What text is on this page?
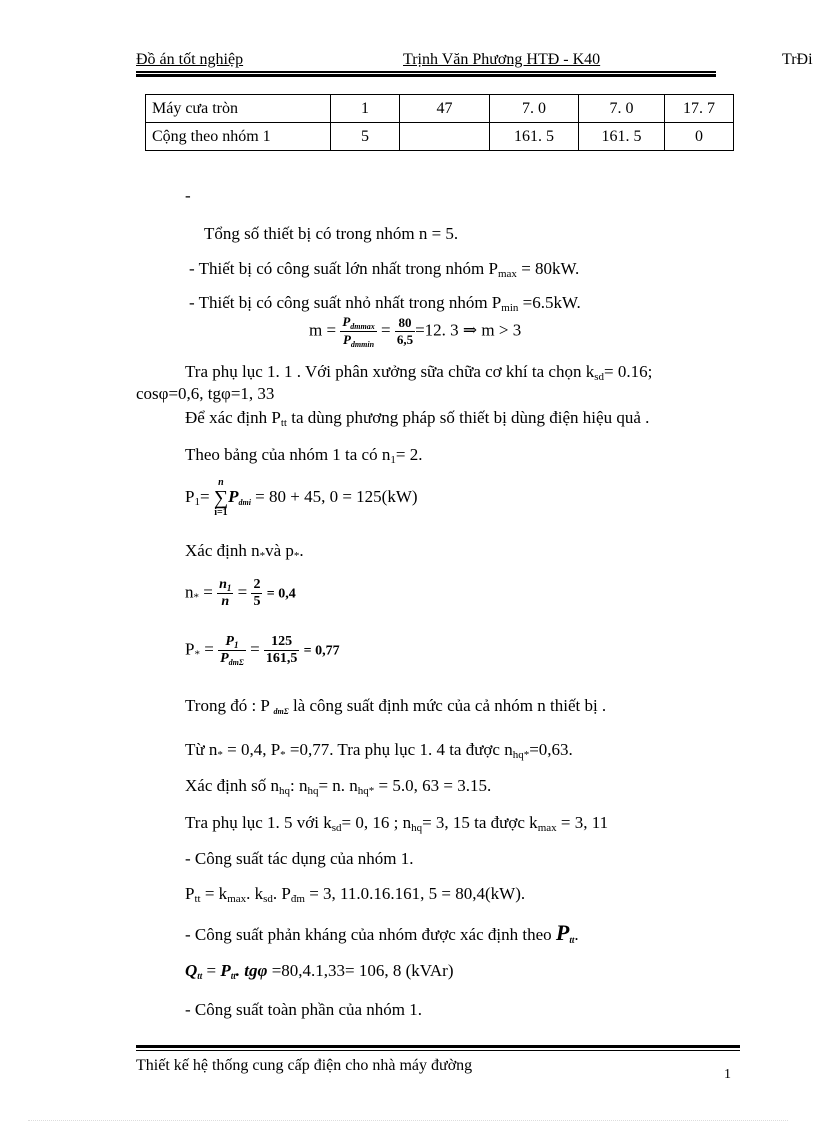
Đồ án tốt nghiệp	Trịnh Văn Phương HTĐ - K40	TrĐi
Máy cưa tròn	1	47	7. 0	7. 0	17. 7
Cộng theo nhóm 1	5		161. 5	161. 5	0
-
Tổng số thiết bị có trong nhóm n = 5.
- Thiết bị có công suất lớn nhất trong nhóm $P_{max} = 80kW$.
- Thiết bị có công suất nhỏ nhất trong nhóm $P_{min} =6.5kW$.
$m = \frac{P_{dmmax}}{P_{dmmin}} = \frac{80}{6,5} =12$. 3 ⇒ m > 3
Tra phụ lục 1. 1 . Với phân xưởng sữa chữa cơ khí ta chọn $k_{sd}= 0.16$;
cosφ=0,6, tgφ=1, 33
Để xác định $P_{tt}$ ta dùng phương pháp số thiết bị dùng điện hiệu quả .
Theo bảng của nhóm 1 ta có $n_1= 2$.
$P_1= n$
∑
$i=1P_{dmi} = 80 + 45$, 0 = 125(kW)
Xác định $n_*và$ $p_*$.
$n_* = \frac{n_1}{n} = \frac{2}{5} = 0,4$
$P_* = \frac{P_1}{P_{dm\Sigma}} = \frac{125}{161,5} = 0,77$
Trong đó : P $_{dm\Sigma}$ là công suất định mức của cả nhóm n thiết bị .
Từ $n_* = 0,4$, $P_* =0,77$. Tra phụ lục 1. 4 ta được $n_{hq*}=0,63$.
Xác định số $n_{hq}$: $n_{hq}= n$. $n_{hq*} = 5.0$, 63 = 3.15.
Tra phụ lục 1. 5 với $k_{sd}= 0$, 16 ; $n_{hq}= 3$, 15 ta được $k_{max} = 3$, 11
- Công suất tác dụng của nhóm 1.
$P_{tt} = k_{max}$. $k_{sd}$. $P_{đm} = 3$, 11.0.16.161, 5 = 80,4(kW).
- Công suất phản kháng của nhóm được xác định theo $P_{tt}$.
$Q_{tt} = P_{tt}$. tgφ =80,4.1,33= 106, 8 (kVAr)
- Công suất toàn phần của nhóm 1.
Thiết kế hệ thống cung cấp điện cho nhà máy đường
1
